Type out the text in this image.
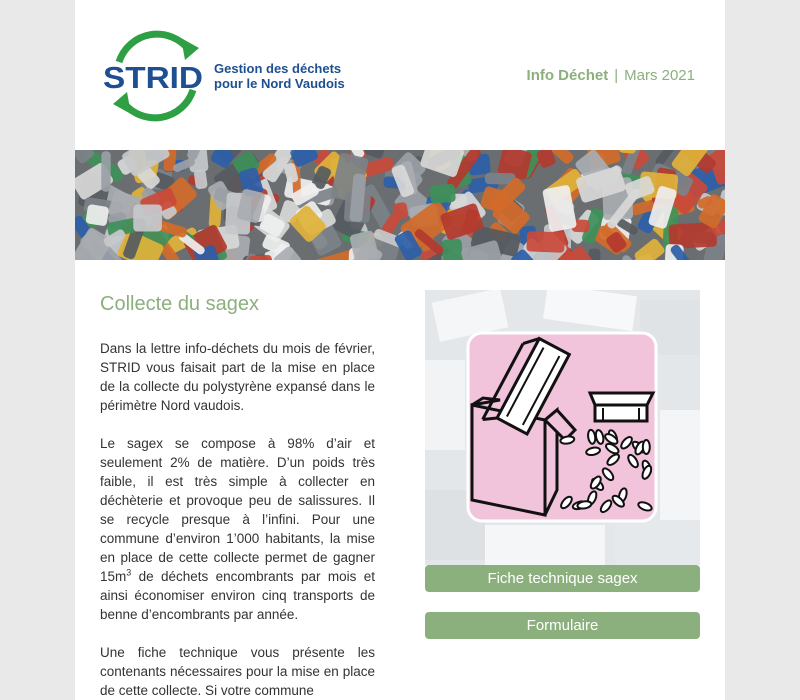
STRID Gestion des déchets
pour le Nord Vaudois	Info Déchet | Mars 2021
Collecte du sagex

Dans la lettre info-déchets du mois de février, STRID vous faisait part de la mise en place de la collecte du polystyrène expansé dans le périmètre Nord vaudois.

Le sagex se compose à 98% d’air et seulement 2% de matière. D’un poids très faible, il est très simple à collecter en déchèterie et provoque peu de salissures. Il se recycle presque à l’infini. Pour une commune d’environ 1’000 habitants, la mise en place de cette collecte permet de gagner $15m^3$ de déchets encombrants par mois et ainsi économiser environ cinq transports de benne d’encombrants par année.

Une fiche technique vous présente les contenants nécessaires pour la mise en place de cette collecte. Si votre commune

Fiche technique sagex
Formulaire
